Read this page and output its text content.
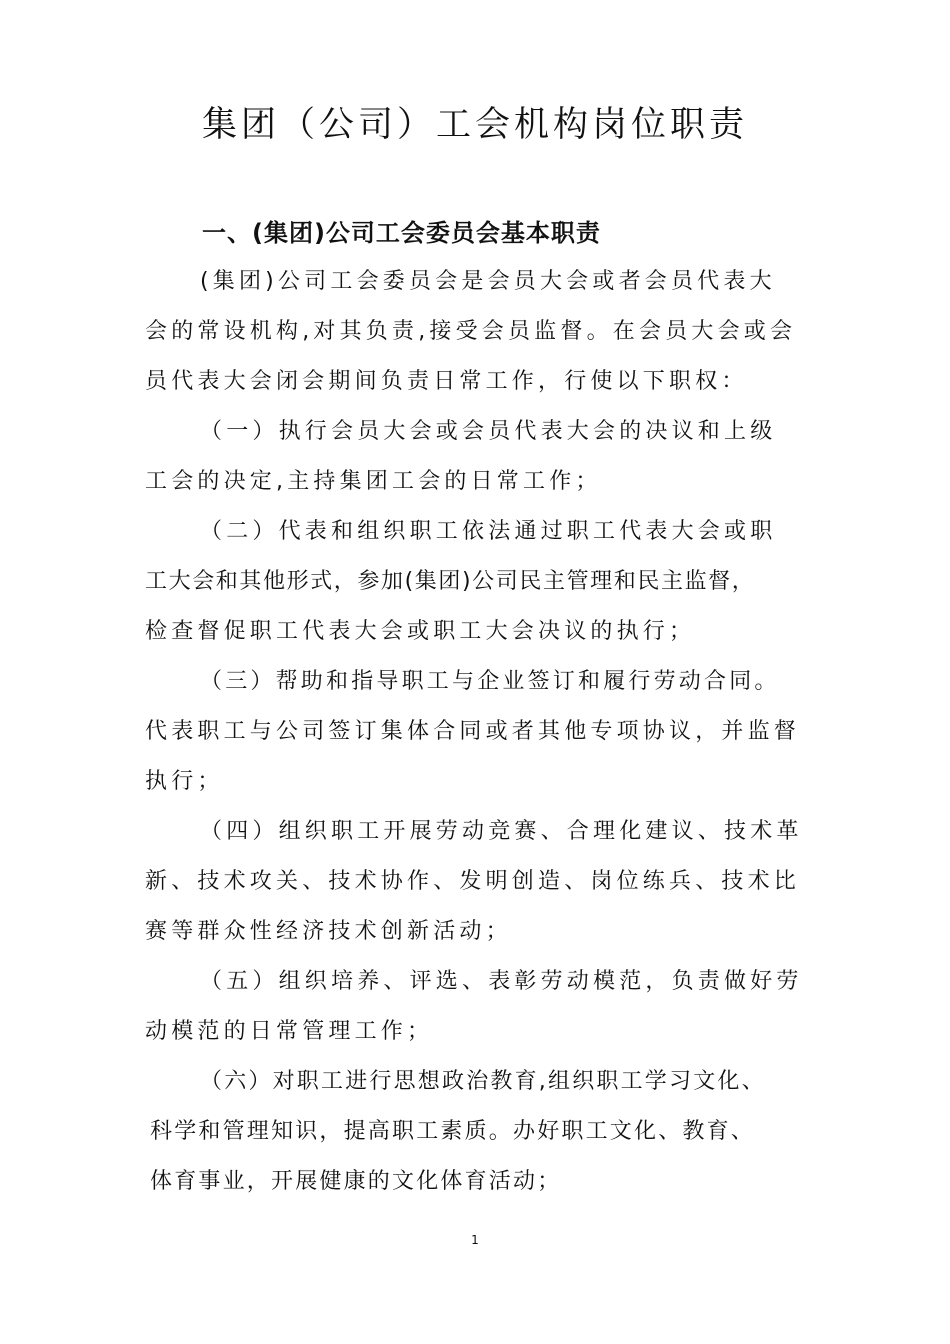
集团（公司）工会机构岗位职责
一、(集团)公司工会委员会基本职责
(集团)公司工会委员会是会员大会或者会员代表大
会的常设机构,对其负责,接受会员监督。在会员大会或会
员代表大会闭会期间负责日常工作，行使以下职权：
（一）执行会员大会或会员代表大会的决议和上级
工会的决定,主持集团工会的日常工作；
（二）代表和组织职工依法通过职工代表大会或职
工大会和其他形式，参加(集团)公司民主管理和民主监督，
检查督促职工代表大会或职工大会决议的执行；
（三）帮助和指导职工与企业签订和履行劳动合同。
代表职工与公司签订集体合同或者其他专项协议，并监督
执行；
（四）组织职工开展劳动竞赛、合理化建议、技术革
新、技术攻关、技术协作、发明创造、岗位练兵、技术比
赛等群众性经济技术创新活动；
（五）组织培养、评选、表彰劳动模范，负责做好劳
动模范的日常管理工作；
（六）对职工进行思想政治教育,组织职工学习文化、
科学和管理知识，提高职工素质。办好职工文化、教育、
体育事业，开展健康的文化体育活动；
1
